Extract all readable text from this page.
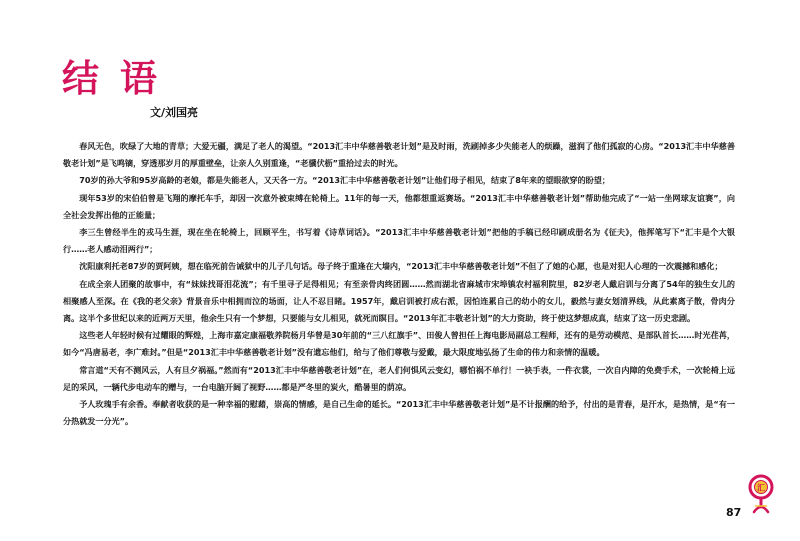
结 语
文/刘国亮

春风无色，吹绿了大地的青草；大爱无疆，满足了老人的渴望。“2013汇丰中华慈善敬老计划”是及时雨，洗刷掉多少失能老人的烦躁，滋润了他们孤寂的心房。“2013汇丰中华慈善敬老计划”是飞鸣镝，穿透那岁月的厚重壁垒，让亲人久别重逢，“老骥伏枥”重拾过去的时光。

70岁的孙大爷和95岁高龄的老娘，都是失能老人，又天各一方。“2013汇丰中华慈善敬老计划”让他们母子相见，结束了8年来的望眼欲穿的盼望；

现年53岁的宋伯伯曾是飞翔的摩托车手，却因一次意外被束缚在轮椅上。11年的每一天，他都想重返赛场。“2013汇丰中华慈善敬老计划”帮助他完成了“一站一坐网球友谊赛”，向全社会发挥出他的正能量；

李三生曾经半生的戎马生涯，现在坐在轮椅上，回顾平生，书写着《诗草词话》。“2013汇丰中华慈善敬老计划”把他的手稿已经印刷成册名为《征夫》，他挥笔写下“汇丰是个大银行……老人感动泪两行”；

沈阳康利托老87岁的贾阿姨，想在临死前告诫狱中的儿子几句话。母子终于重逢在大墙内，“2013汇丰中华慈善敬老计划”不但了了她的心愿，也是对犯人心理的一次震撼和感化；

在成全亲人团聚的故事中，有“妹妹找哥泪花流”；有千里寻子足得相见；有至亲骨肉终团圆……然而湖北省麻城市宋埠镇农村福利院里，82岁老人戴启训与分离了54年的独生女儿的相聚感人至深。在《我的老父亲》背景音乐中相拥而泣的场面，让人不忍目睹。1957年，戴启训被打成右派，因怕连累自己的幼小的女儿，毅然与妻女划清界线，从此素离子散，骨肉分离。这半个多世纪以来的近两万天里，他余生只有一个梦想，只要能与女儿相见，就死而瞑目。“2013年汇丰敬老计划”的大力资助，终于使这梦想成真，结束了这一历史悲剧。

这些老人年轻时候有过耀眼的辉煌，上海市嘉定康福敬养院杨月华曾是30年前的“三八红旗手”、田俊人曾担任上海电影局副总工程师，还有的是劳动模范、是部队首长……时光荏苒，如今“冯唐易老，李广难封。”但是“2013汇丰中华慈善敬老计划”没有遗忘他们，给与了他们尊敬与爱戴，最大限度地弘扬了生命的伟力和亲情的温暖。

常言道“天有不测风云，人有旦夕祸福。”然而有“2013汇丰中华慈善敬老计划”在，老人们何惧风云变幻，哪怕祸不单行！一袂手表，一件衣裳，一次自内障的免费手术，一次轮椅上远足的采风，一辆代步电动车的赠与，一台电脑开阔了视野……都是严冬里的炭火，酷暑里的荫凉。

予人玫瑰手有余香。奉献者收获的是一种幸福的慰藉，崇高的情感，是自己生命的延长。“2013汇丰中华慈善敬老计划”是不计报酬的给予，付出的是青春，是汗水，是热情，是“有一分热就发一分光”。

87
汇
